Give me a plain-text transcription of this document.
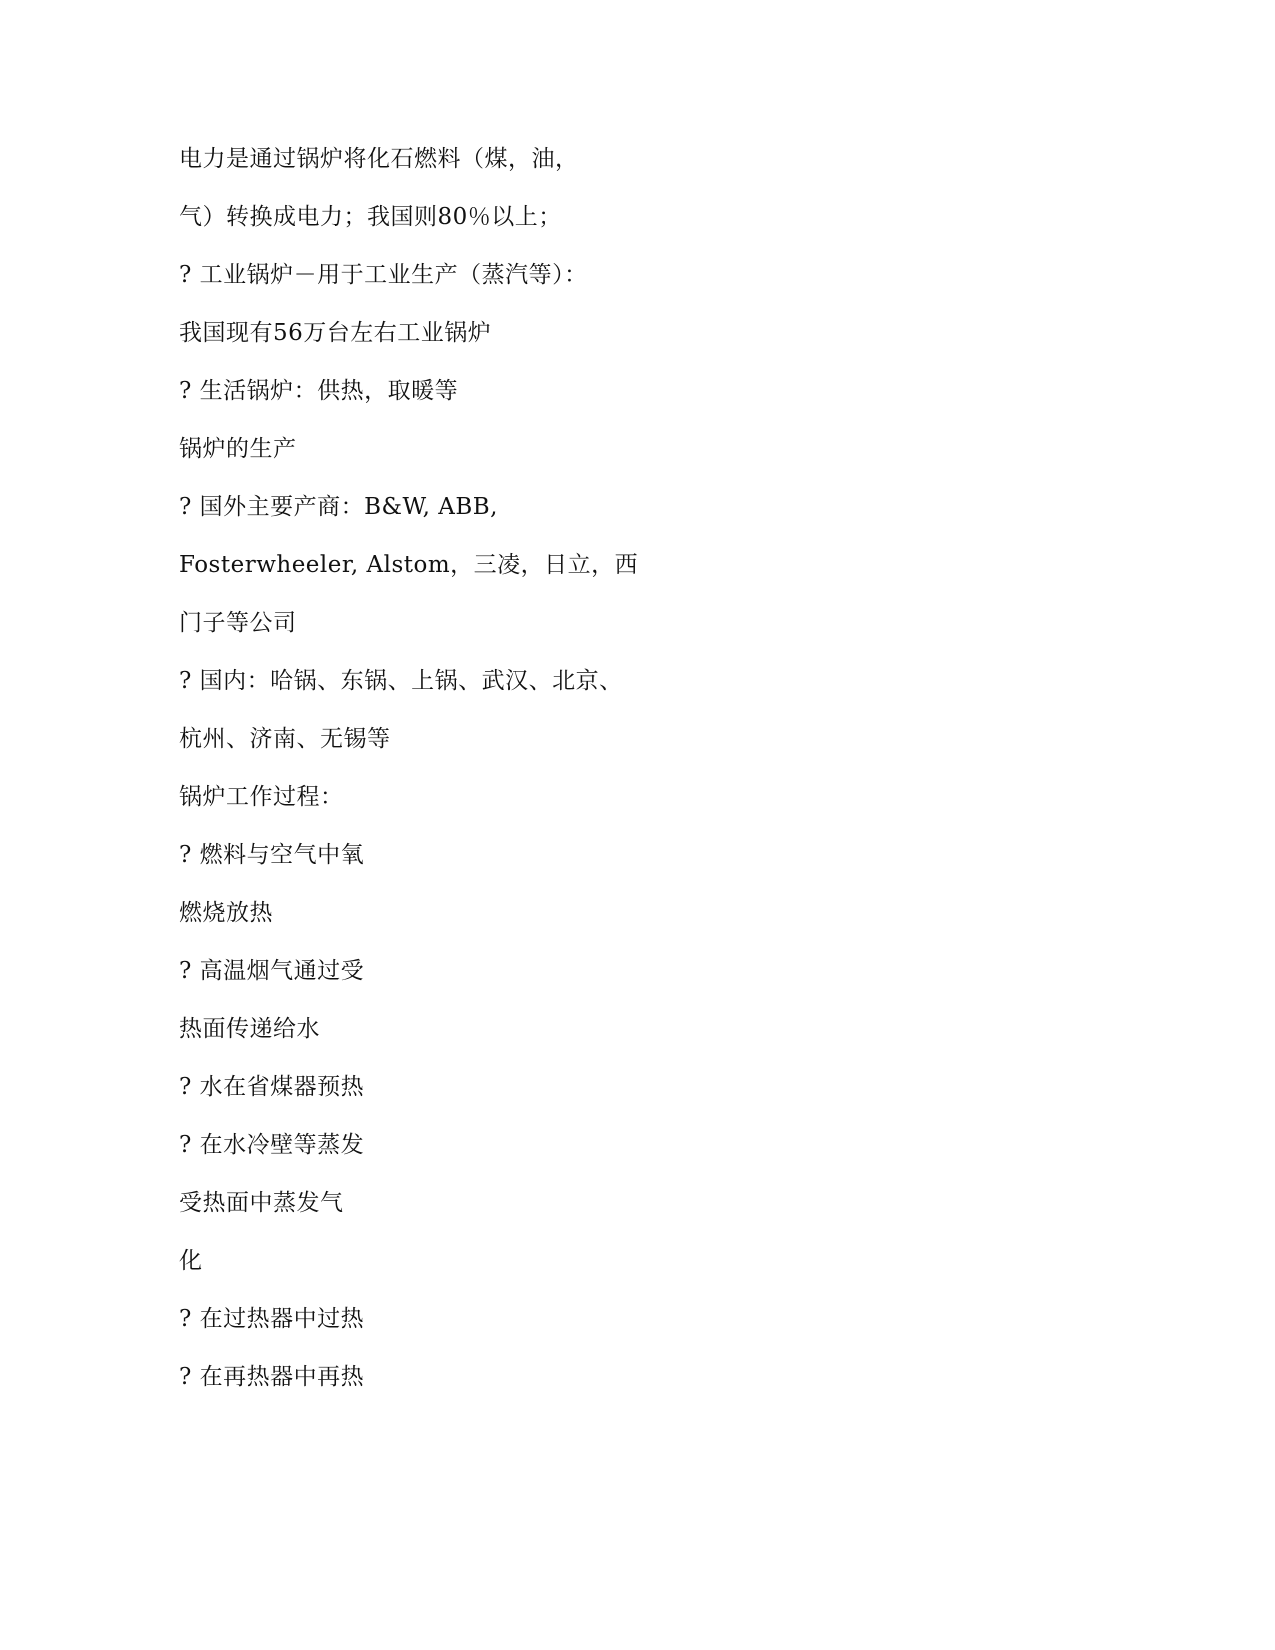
电力是通过锅炉将化石燃料（煤，油，
气）转换成电力；我国则80％以上；
? 工业锅炉－用于工业生产（蒸汽等）：
我国现有56万台左右工业锅炉
? 生活锅炉：供热，取暖等
锅炉的生产
? 国外主要产商：B&W, ABB,
Fosterwheeler, Alstom，三凌，日立，西
门子等公司
? 国内：哈锅、东锅、上锅、武汉、北京、
杭州、济南、无锡等
锅炉工作过程：
? 燃料与空气中氧
燃烧放热
? 高温烟气通过受
热面传递给水
? 水在省煤器预热
? 在水冷壁等蒸发
受热面中蒸发气
化
? 在过热器中过热
? 在再热器中再热
